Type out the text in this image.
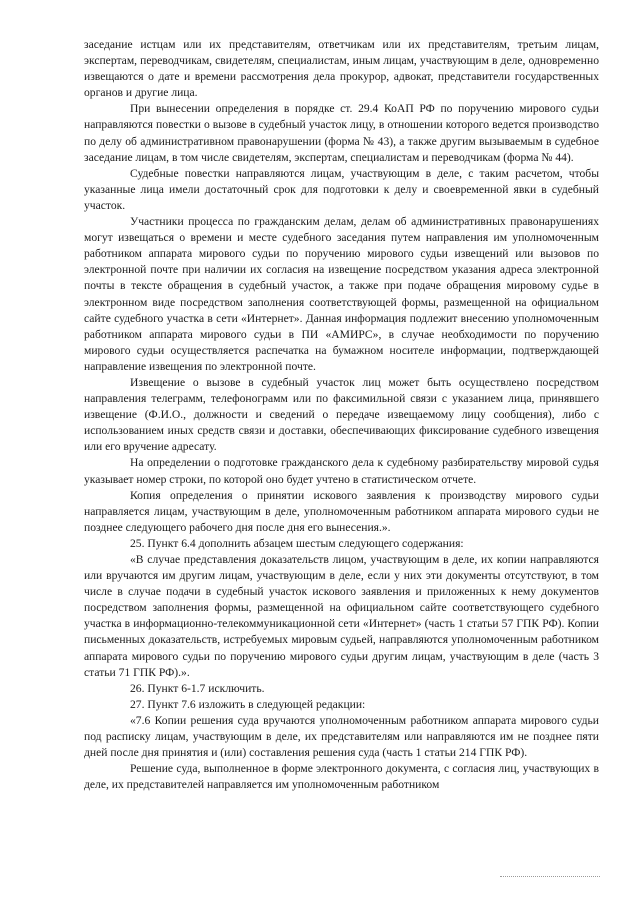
заседание истцам или их представителям, ответчикам или их представителям, третьим лицам, экспертам, переводчикам, свидетелям, специалистам, иным лицам, участвующим в деле, одновременно извещаются о дате и времени рассмотрения дела прокурор, адвокат, представители государственных органов и другие лица.

При вынесении определения в порядке ст. 29.4 КоАП РФ по поручению мирового судьи направляются повестки о вызове в судебный участок лицу, в отношении которого ведется производство по делу об административном правонарушении (форма № 43), а также другим вызываемым в судебное заседание лицам, в том числе свидетелям, экспертам, специалистам и переводчикам (форма № 44).

Судебные повестки направляются лицам, участвующим в деле, с таким расчетом, чтобы указанные лица имели достаточный срок для подготовки к делу и своевременной явки в судебный участок.

Участники процесса по гражданским делам, делам об административных правонарушениях могут извещаться о времени и месте судебного заседания путем направления им уполномоченным работником аппарата мирового судьи по поручению мирового судьи извещений или вызовов по электронной почте при наличии их согласия на извещение посредством указания адреса электронной почты в тексте обращения в судебный участок, а также при подаче обращения мировому судье в электронном виде посредством заполнения соответствующей формы, размещенной на официальном сайте судебного участка в сети «Интернет». Данная информация подлежит внесению уполномоченным работником аппарата мирового судьи в ПИ «АМИРС», в случае необходимости по поручению мирового судьи осуществляется распечатка на бумажном носителе информации, подтверждающей направление извещения по электронной почте.

Извещение о вызове в судебный участок лиц может быть осуществлено посредством направления телеграмм, телефонограмм или по факсимильной связи с указанием лица, принявшего извещение (Ф.И.О., должности и сведений о передаче извещаемому лицу сообщения), либо с использованием иных средств связи и доставки, обеспечивающих фиксирование судебного извещения или его вручение адресату.

На определении о подготовке гражданского дела к судебному разбирательству мировой судья указывает номер строки, по которой оно будет учтено в статистическом отчете.

Копия определения о принятии искового заявления к производству мирового судьи направляется лицам, участвующим в деле, уполномоченным работником аппарата мирового судьи не позднее следующего рабочего дня после дня его вынесения.».

25. Пункт 6.4 дополнить абзацем шестым следующего содержания:

«В случае представления доказательств лицом, участвующим в деле, их копии направляются или вручаются им другим лицам, участвующим в деле, если у них эти документы отсутствуют, в том числе в случае подачи в судебный участок искового заявления и приложенных к нему документов посредством заполнения формы, размещенной на официальном сайте соответствующего судебного участка в информационно-телекоммуникационной сети «Интернет» (часть 1 статьи 57 ГПК РФ). Копии письменных доказательств, истребуемых мировым судьей, направляются уполномоченным работником аппарата мирового судьи по поручению мирового судьи другим лицам, участвующим в деле (часть 3 статьи 71 ГПК РФ).».

26. Пункт 6-1.7 исключить.

27. Пункт 7.6 изложить в следующей редакции:

«7.6 Копии решения суда вручаются уполномоченным работником аппарата мирового судьи под расписку лицам, участвующим в деле, их представителям или направляются им не позднее пяти дней после дня принятия и (или) составления решения суда (часть 1 статьи 214 ГПК РФ).

Решение суда, выполненное в форме электронного документа, с согласия лиц, участвующих в деле, их представителей направляется им уполномоченным работником
